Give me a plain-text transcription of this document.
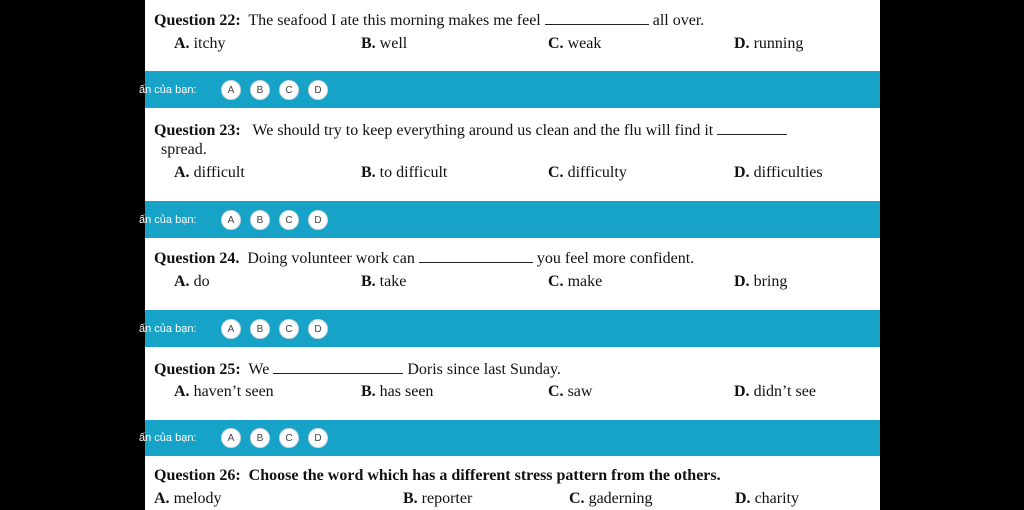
Question 22: The seafood I ate this morning makes me feel	all over.
A. itchy	B. well	C. weak	D. running
ấn của bạn:	A	B	C	D
Question 23: We should try to keep everything around us clean and the flu will find it
spread.
A. difficult	B. to difficult	C. difficulty	D. difficulties
ấn của bạn:	A	B	C	D
Question 24. Doing volunteer work can	you feel more confident.
A. do	B. take	C. make	D. bring
ấn của bạn:	A	B	C	D
Question 25: We	Doris since last Sunday.
A. haven’t seen	B. has seen	C. saw	D. didn’t see
ấn của bạn:	A	B	C	D
Question 26: Choose the word which has a different stress pattern from the others.
A. melody	B. reporter	C. gaderning	D. charity
